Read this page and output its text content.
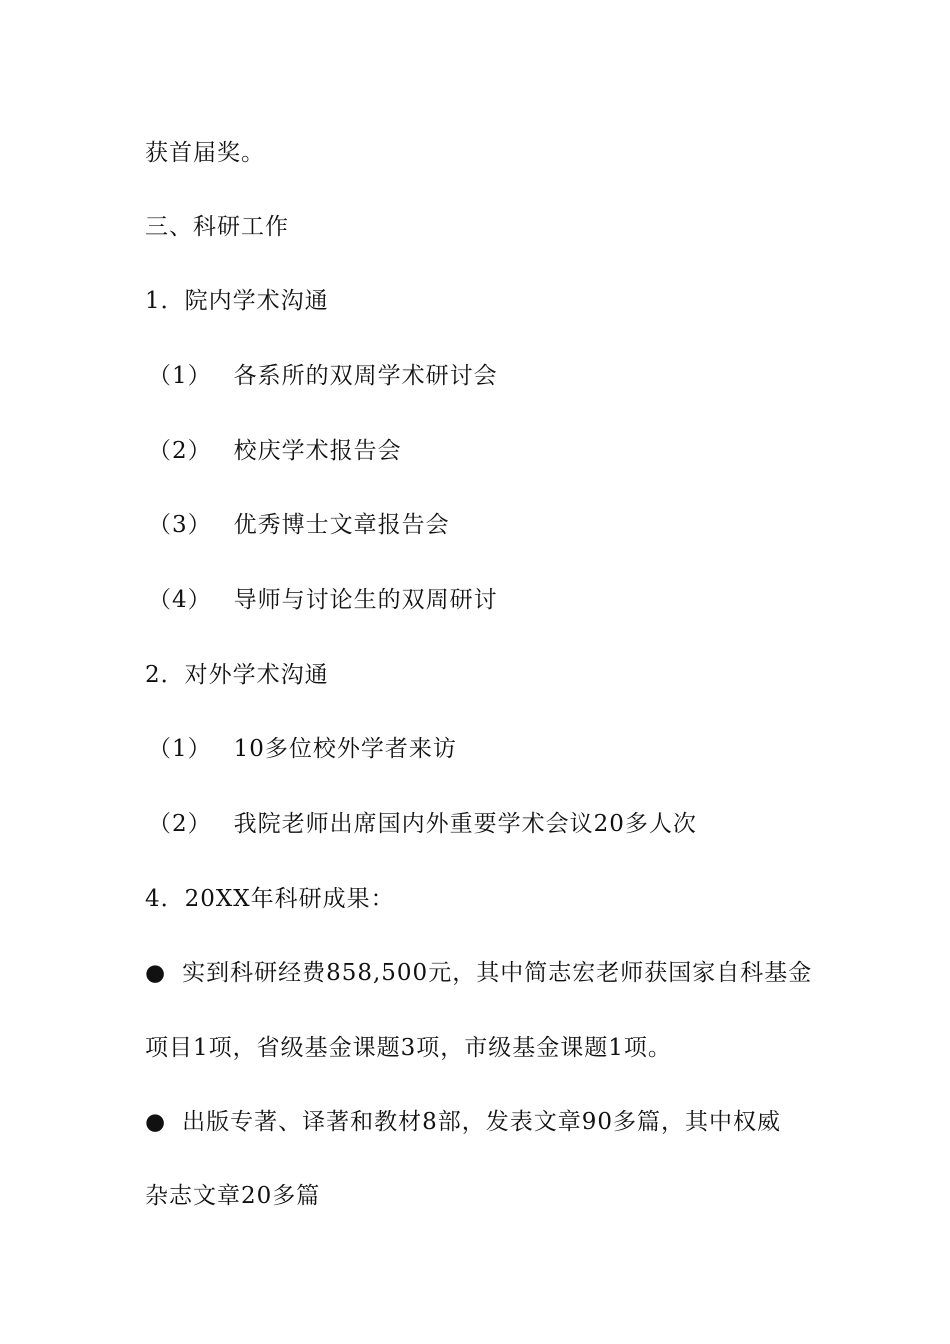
获首届奖。
三、科研工作
1．院内学术沟通
（1） 各系所的双周学术研讨会
（2） 校庆学术报告会
（3） 优秀博士文章报告会
（4） 导师与讨论生的双周研讨
2．对外学术沟通
（1） 10多位校外学者来访
（2） 我院老师出席国内外重要学术会议20多人次
4．20XX年科研成果：
● 实到科研经费858,500元，其中简志宏老师获国家自科基金
项目1项，省级基金课题3项，市级基金课题1项。
● 出版专著、译著和教材8部，发表文章90多篇，其中权威
杂志文章20多篇
